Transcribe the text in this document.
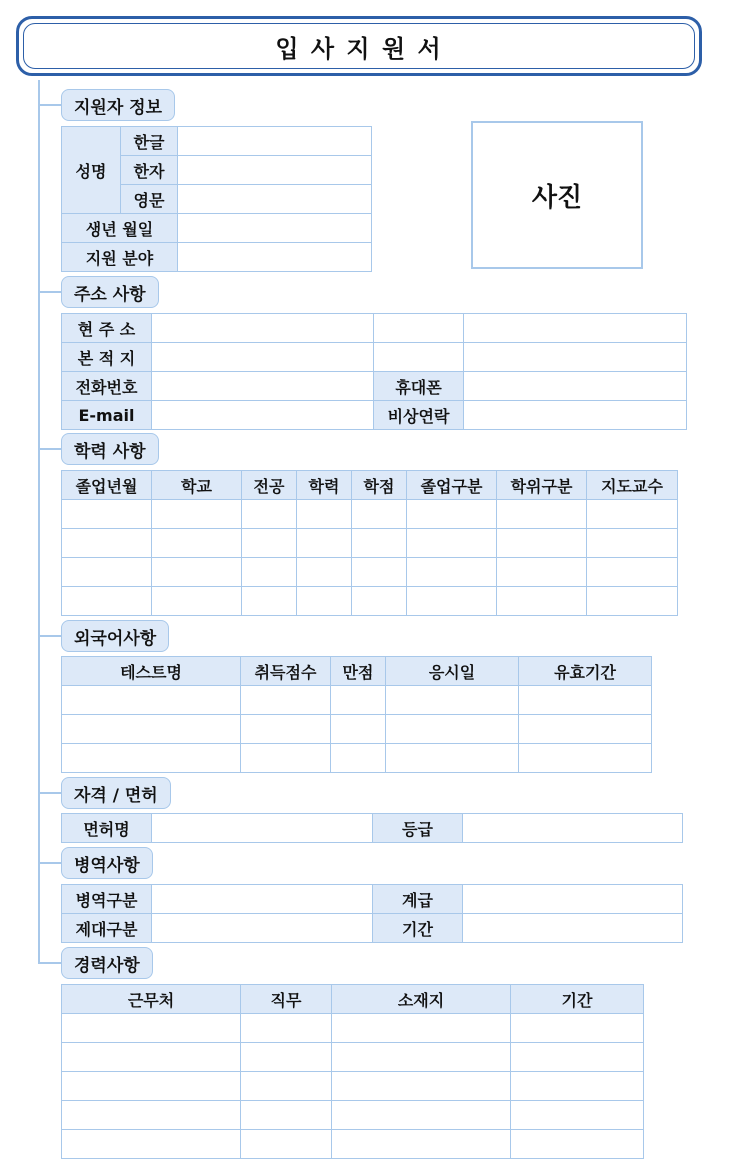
입 사 지 원 서
지원자 정보
성명	한글	
	한자	
	영문	
생년 월일		
지원 분야		
사진
주소 사항
현 주 소			
본 적 지			
전화번호		휴대폰	
E-mail		비상연락	
학력 사항
졸업년월	학교	전공	학력	학점	졸업구분	학위구분	지도교수

외국어사항
테스트명	취득점수	만점	응시일	유효기간

자격 / 면허
면허명		등급	
병역사항
병역구분		계급	
제대구분		기간	
경력사항
근무처	직무	소재지	기간
